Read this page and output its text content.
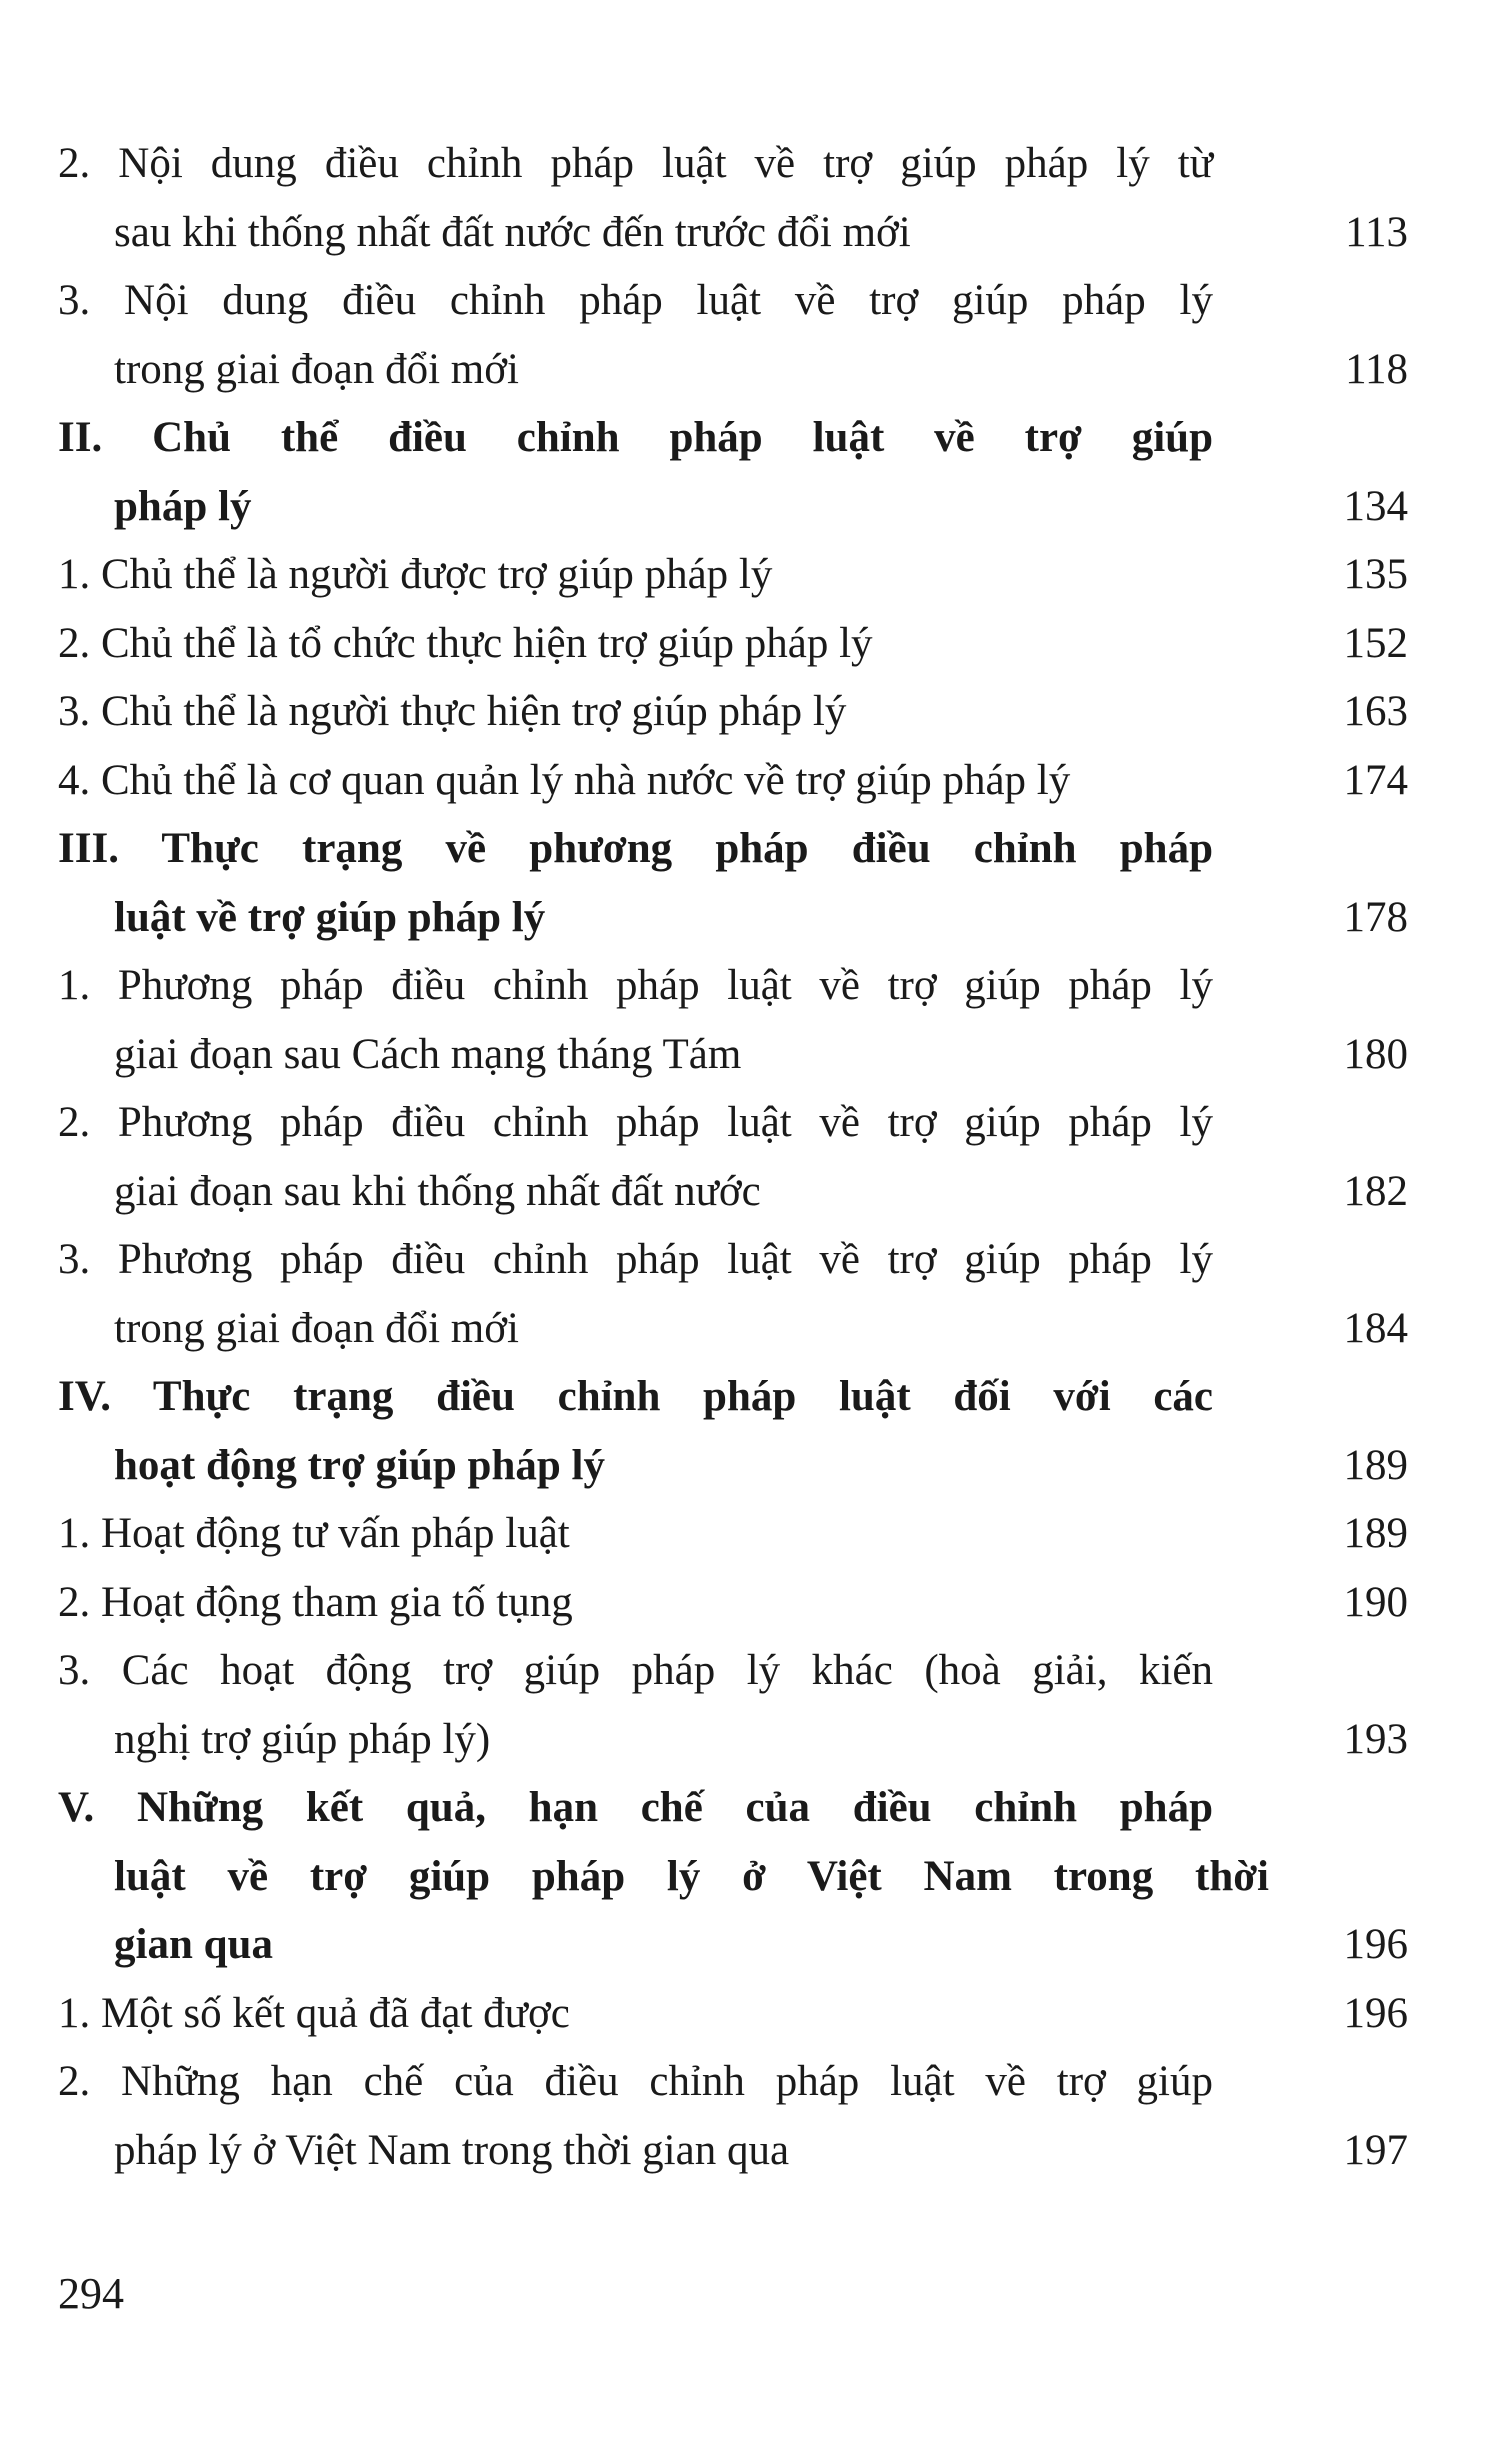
2. Nội dung điều chỉnh pháp luật về trợ giúp pháp lý từ
sau khi thống nhất đất nước đến trước đổi mới	113
3. Nội dung điều chỉnh pháp luật về trợ giúp pháp lý
trong giai đoạn đổi mới	118
II. Chủ thể điều chỉnh pháp luật về trợ giúp
pháp lý	134
1. Chủ thể là người được trợ giúp pháp lý	135
2. Chủ thể là tổ chức thực hiện trợ giúp pháp lý	152
3. Chủ thể là người thực hiện trợ giúp pháp lý	163
4. Chủ thể là cơ quan quản lý nhà nước về trợ giúp pháp lý	174
III. Thực trạng về phương pháp điều chỉnh pháp
luật về trợ giúp pháp lý	178
1. Phương pháp điều chỉnh pháp luật về trợ giúp pháp lý
giai đoạn sau Cách mạng tháng Tám	180
2. Phương pháp điều chỉnh pháp luật về trợ giúp pháp lý
giai đoạn sau khi thống nhất đất nước	182
3. Phương pháp điều chỉnh pháp luật về trợ giúp pháp lý
trong giai đoạn đổi mới	184
IV. Thực trạng điều chỉnh pháp luật đối với các
hoạt động trợ giúp pháp lý	189
1. Hoạt động tư vấn pháp luật	189
2. Hoạt động tham gia tố tụng	190
3. Các hoạt động trợ giúp pháp lý khác (hoà giải, kiến
nghị trợ giúp pháp lý)	193
V. Những kết quả, hạn chế của điều chỉnh pháp
luật về trợ giúp pháp lý ở Việt Nam trong thời
gian qua	196
1. Một số kết quả đã đạt được	196
2. Những hạn chế của điều chỉnh pháp luật về trợ giúp
pháp lý ở Việt Nam trong thời gian qua	197
294
